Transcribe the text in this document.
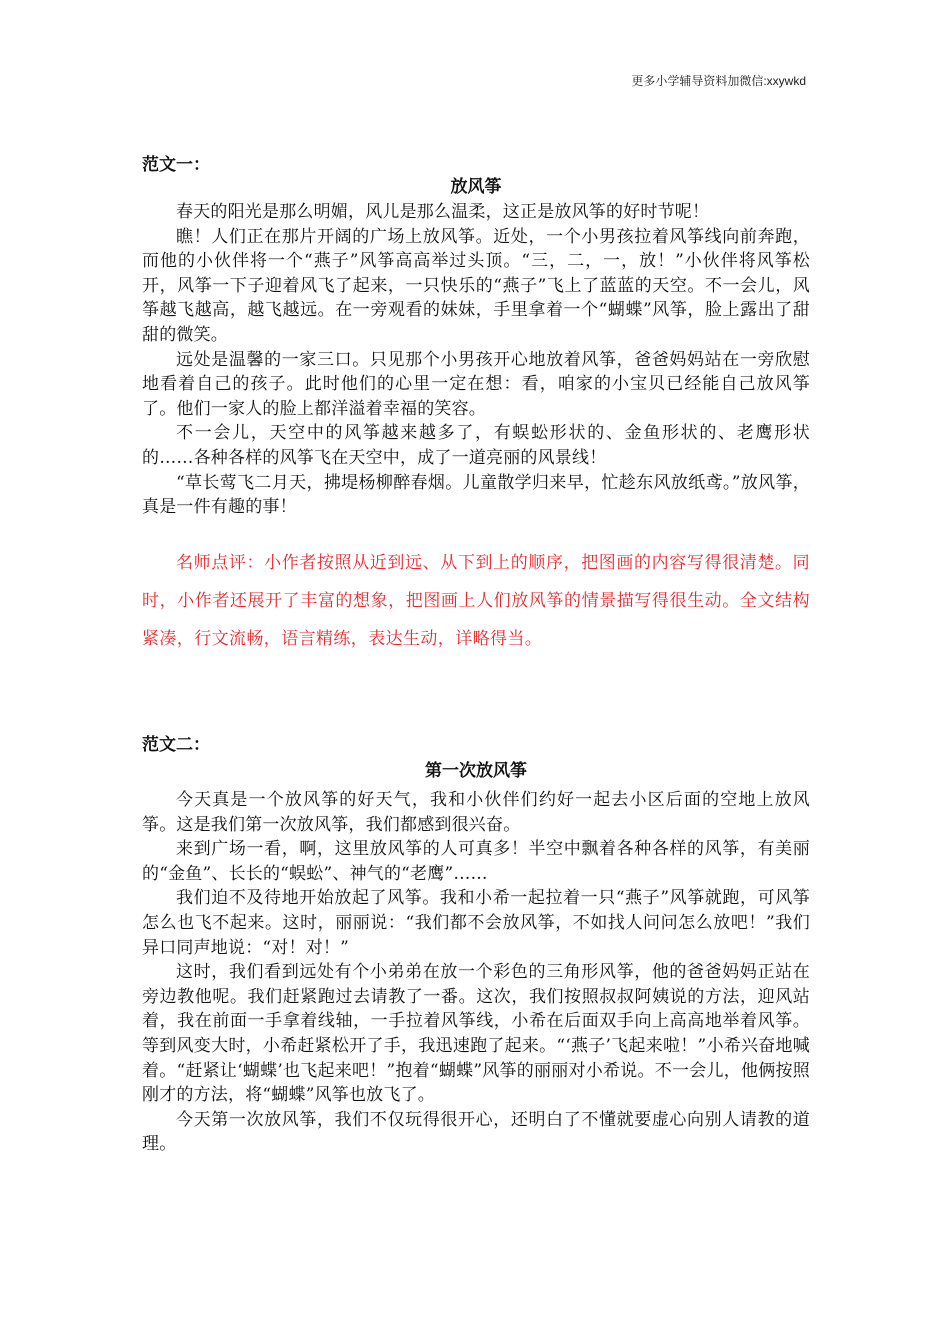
更多小学辅导资料加微信:xxywkd
范文一：
放风筝

春天的阳光是那么明媚，风儿是那么温柔，这正是放风筝的好时节呢！

瞧！人们正在那片开阔的广场上放风筝。近处，一个小男孩拉着风筝线向前奔跑，而他的小伙伴将一个“燕子”风筝高高举过头顶。“三，二，一，放！”小伙伴将风筝松开，风筝一下子迎着风飞了起来，一只快乐的“燕子”飞上了蓝蓝的天空。不一会儿，风筝越飞越高，越飞越远。在一旁观看的妹妹，手里拿着一个“蝴蝶”风筝，脸上露出了甜甜的微笑。

远处是温馨的一家三口。只见那个小男孩开心地放着风筝，爸爸妈妈站在一旁欣慰地看着自己的孩子。此时他们的心里一定在想：看，咱家的小宝贝已经能自己放风筝了。他们一家人的脸上都洋溢着幸福的笑容。

不一会儿，天空中的风筝越来越多了，有蜈蚣形状的、金鱼形状的、老鹰形状的……各种各样的风筝飞在天空中，成了一道亮丽的风景线！

“草长莺飞二月天，拂堤杨柳醉春烟。儿童散学归来早，忙趁东风放纸鸢。”放风筝，真是一件有趣的事！

名师点评：小作者按照从近到远、从下到上的顺序，把图画的内容写得很清楚。同时，小作者还展开了丰富的想象，把图画上人们放风筝的情景描写得很生动。全文结构紧凑，行文流畅，语言精练，表达生动，详略得当。
范文二：
第一次放风筝

今天真是一个放风筝的好天气，我和小伙伴们约好一起去小区后面的空地上放风筝。这是我们第一次放风筝，我们都感到很兴奋。

来到广场一看，啊，这里放风筝的人可真多！半空中飘着各种各样的风筝，有美丽的“金鱼”、长长的“蜈蚣”、神气的“老鹰”……

我们迫不及待地开始放起了风筝。我和小希一起拉着一只“燕子”风筝就跑，可风筝怎么也飞不起来。这时，丽丽说：“我们都不会放风筝，不如找人问问怎么放吧！”我们异口同声地说：“对！对！”

这时，我们看到远处有个小弟弟在放一个彩色的三角形风筝，他的爸爸妈妈正站在旁边教他呢。我们赶紧跑过去请教了一番。这次，我们按照叔叔阿姨说的方法，迎风站着，我在前面一手拿着线轴，一手拉着风筝线，小希在后面双手向上高高地举着风筝。等到风变大时，小希赶紧松开了手，我迅速跑了起来。“‘燕子’飞起来啦！”小希兴奋地喊着。“赶紧让‘蝴蝶’也飞起来吧！”抱着“蝴蝶”风筝的丽丽对小希说。不一会儿，他俩按照刚才的方法，将“蝴蝶”风筝也放飞了。

今天第一次放风筝，我们不仅玩得很开心，还明白了不懂就要虚心向别人请教的道理。
